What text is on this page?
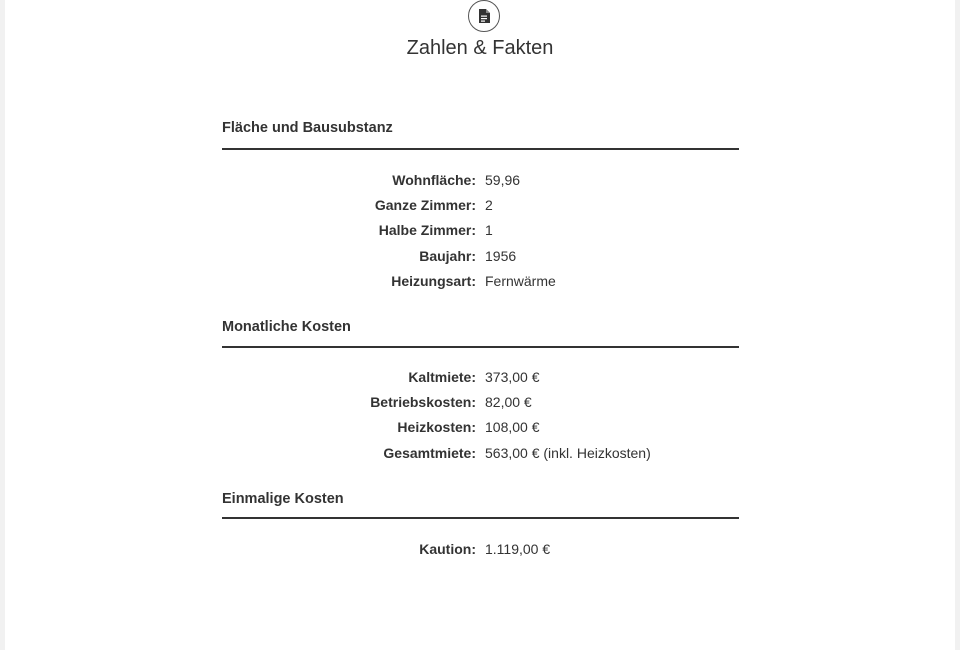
Zahlen & Fakten
Fläche und Bausubstanz
Wohnfläche: 59,96
Ganze Zimmer: 2
Halbe Zimmer: 1
Baujahr: 1956
Heizungsart: Fernwärme
Monatliche Kosten
Kaltmiete: 373,00 €
Betriebskosten: 82,00 €
Heizkosten: 108,00 €
Gesamtmiete: 563,00 € (inkl. Heizkosten)
Einmalige Kosten
Kaution: 1.119,00 €
